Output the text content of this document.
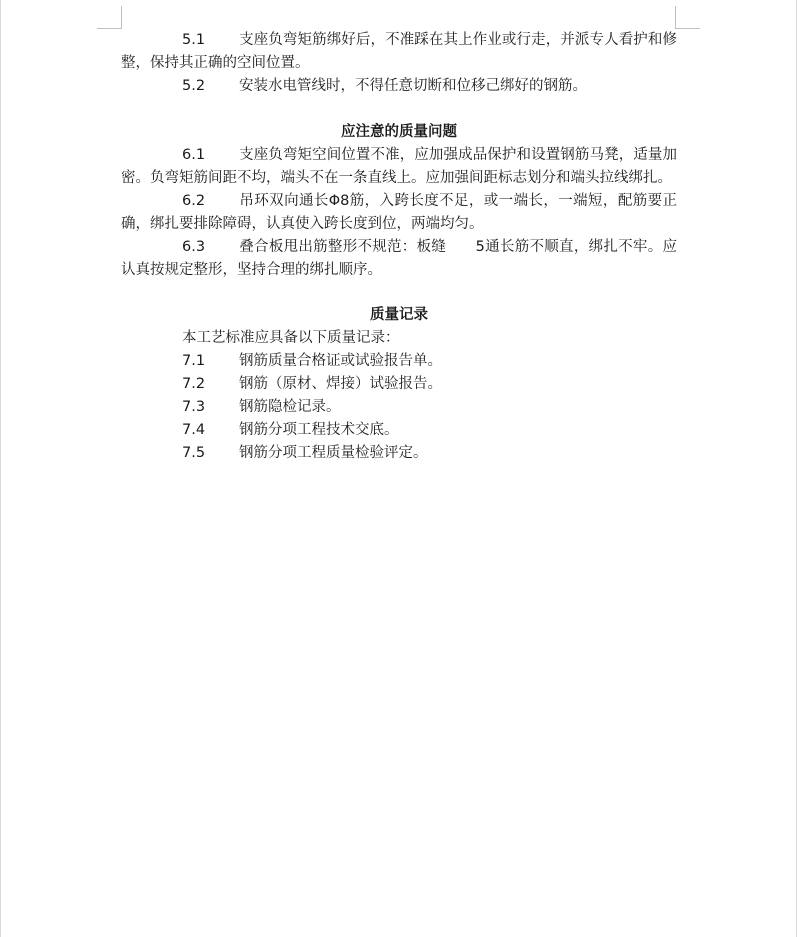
5.1 支座负弯矩筋绑好后，不准踩在其上作业或行走，并派专人看护和修整，保持其正确的空间位置。

5.2 安装水电管线时，不得任意切断和位移己绑好的钢筋。

应注意的质量问题

6.1 支座负弯矩空间位置不准，应加强成品保护和设置钢筋马凳，适量加密。负弯矩筋间距不均，端头不在一条直线上。应加强间距标志划分和端头拉线绑扎。

6.2 吊环双向通长Φ8筋，入跨长度不足，或一端长，一端短，配筋要正确，绑扎要排除障碍，认真使入跨长度到位，两端均匀。

6.3 叠合板甩出筋整形不规范：板缝　　5通长筋不顺直，绑扎不牢。应认真按规定整形，坚持合理的绑扎顺序。

质量记录

本工艺标准应具备以下质量记录：

7.1 钢筋质量合格证或试验报告单。

7.2 钢筋（原材、焊接）试验报告。

7.3 钢筋隐检记录。

7.4 钢筋分项工程技术交底。

7.5 钢筋分项工程质量检验评定。
